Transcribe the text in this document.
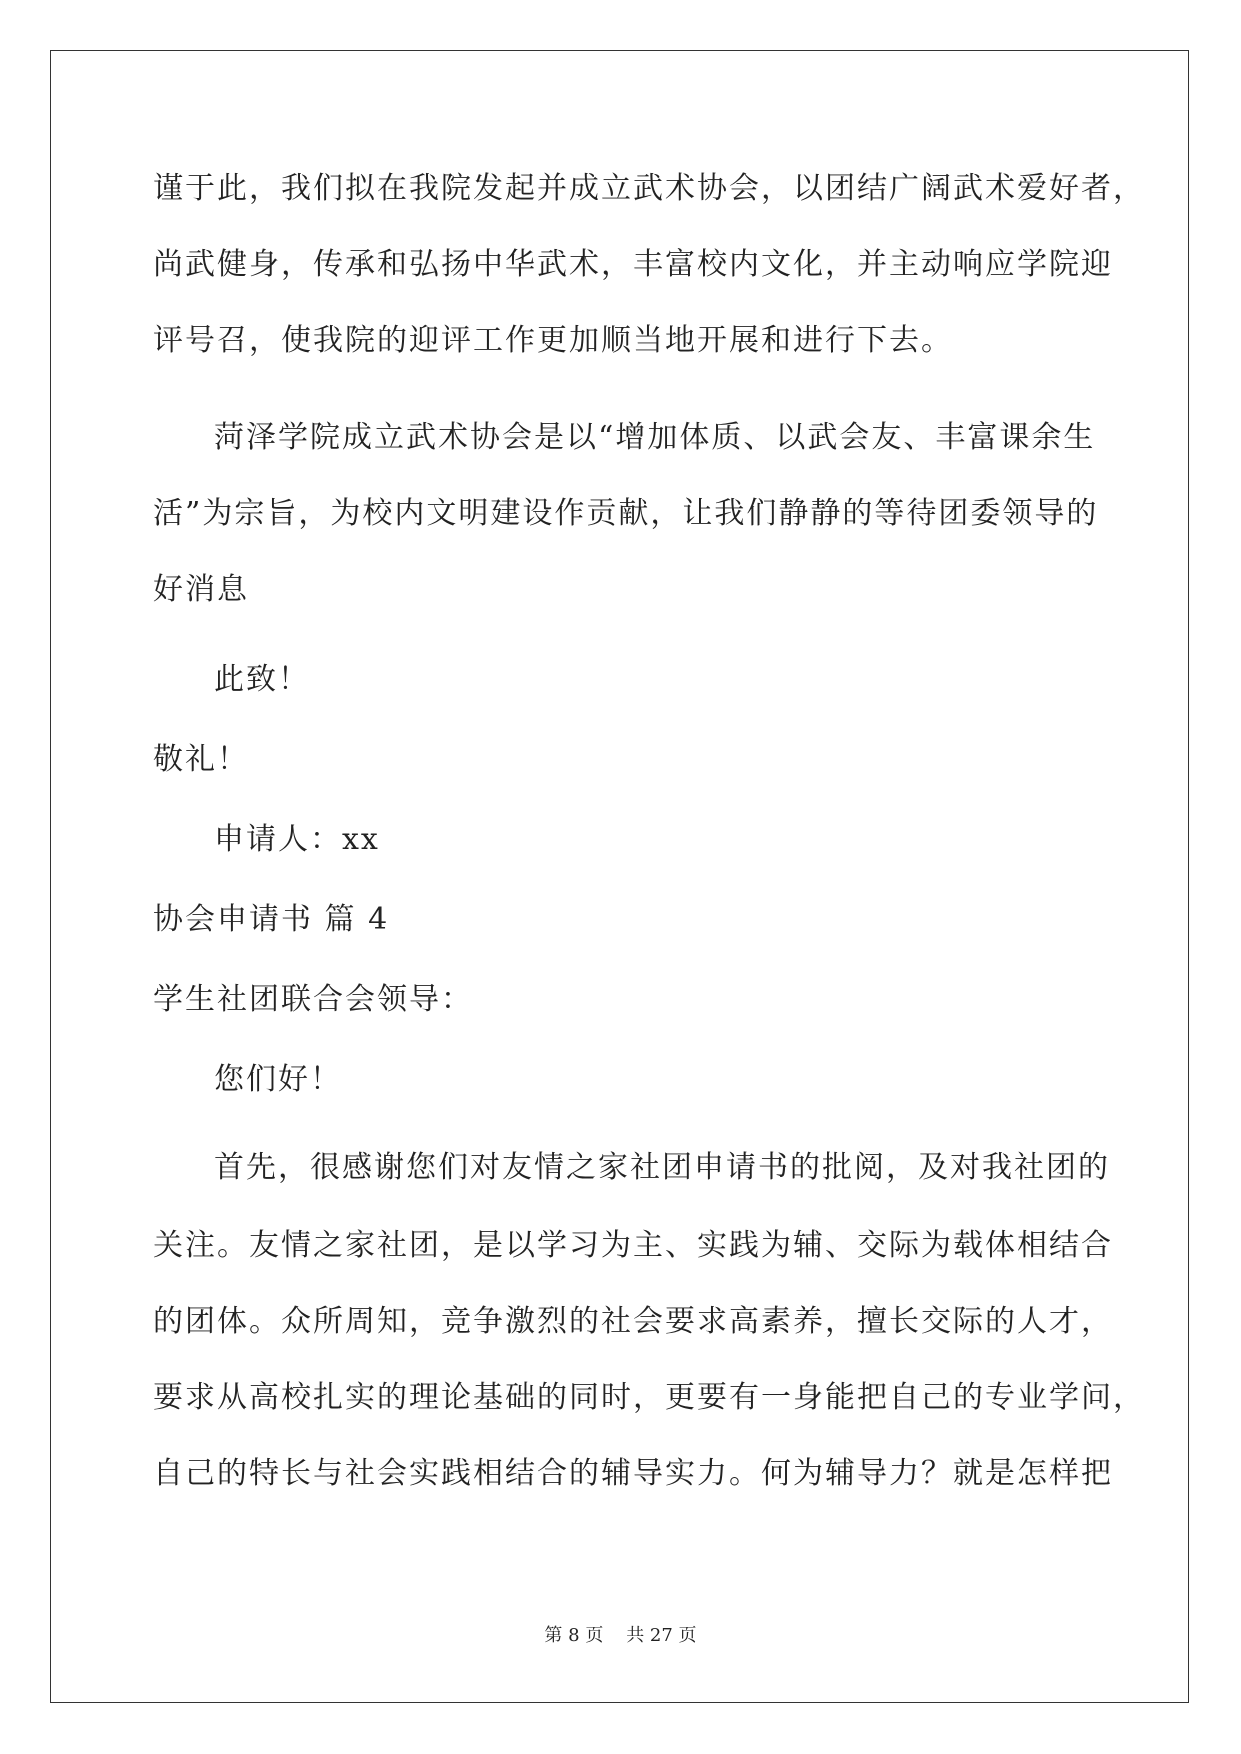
谨于此，我们拟在我院发起并成立武术协会，以团结广阔武术爱好者，
尚武健身，传承和弘扬中华武术，丰富校内文化，并主动响应学院迎
评号召，使我院的迎评工作更加顺当地开展和进行下去。
菏泽学院成立武术协会是以“增加体质、以武会友、丰富课余生
活”为宗旨，为校内文明建设作贡献，让我们静静的等待团委领导的
好消息
此致！
敬礼！
申请人：xx
协会申请书 篇 4
学生社团联合会领导：
您们好！
首先，很感谢您们对友情之家社团申请书的批阅，及对我社团的
关注。友情之家社团，是以学习为主、实践为辅、交际为载体相结合
的团体。众所周知，竞争激烈的社会要求高素养，擅长交际的人才，
要求从高校扎实的理论基础的同时，更要有一身能把自己的专业学问，
自己的特长与社会实践相结合的辅导实力。何为辅导力？就是怎样把
第 8 页    共 27 页
